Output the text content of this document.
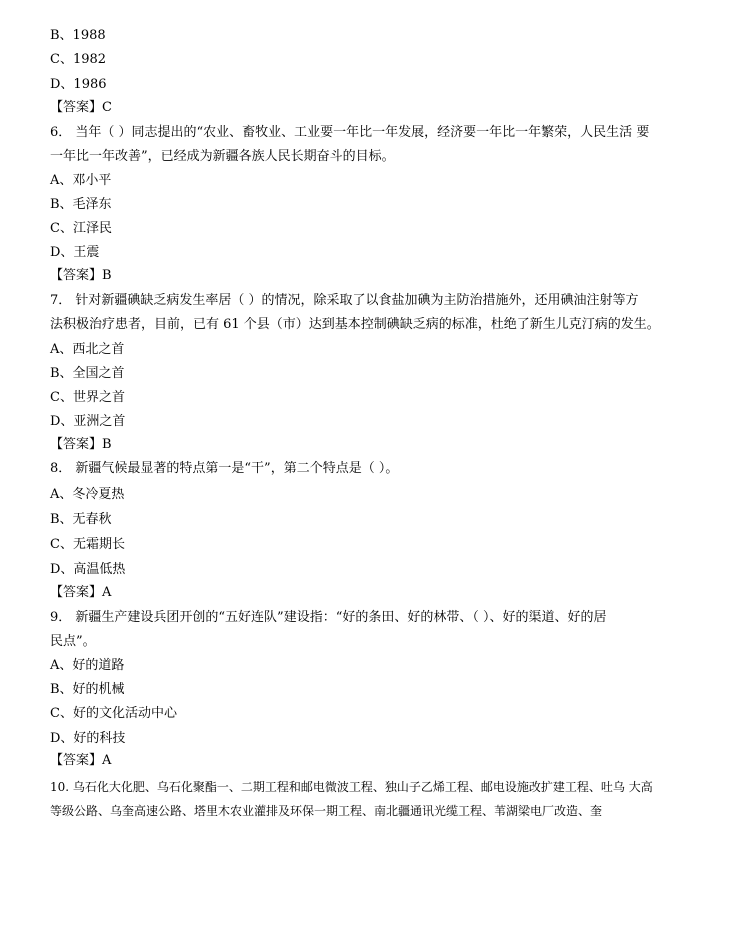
B、1988
C、1982
D、1986
【答案】C
6． 当年（ ）同志提出的“农业、畜牧业、工业要一年比一年发展，经济要一年比一年繁荣，人民生活 要
一年比一年改善”，已经成为新疆各族人民长期奋斗的目标。
A、邓小平
B、毛泽东
C、江泽民
D、王震
【答案】B
7． 针对新疆碘缺乏病发生率居（ ）的情况，除采取了以食盐加碘为主防治措施外，还用碘油注射等方
法积极治疗患者，目前，已有 61 个县（市）达到基本控制碘缺乏病的标准，杜绝了新生儿克汀病的发生。
A、西北之首
B、全国之首
C、世界之首
D、亚洲之首
【答案】B
8． 新疆气候最显著的特点第一是“干”，第二个特点是（ ）。
A、冬冷夏热
B、无春秋
C、无霜期长
D、高温低热
【答案】A
9． 新疆生产建设兵团开创的“五好连队”建设指：“好的条田、好的林带、（ ）、好的渠道、好的居
民点”。
A、好的道路
B、好的机械
C、好的文化活动中心
D、好的科技
【答案】A
10. 乌石化大化肥、乌石化聚酯一、二期工程和邮电微波工程、独山子乙烯工程、邮电设施改扩建工程、吐乌 大高
等级公路、乌奎高速公路、塔里木农业灌排及环保一期工程、南北疆通讯光缆工程、苇湖梁电厂改造、奎
